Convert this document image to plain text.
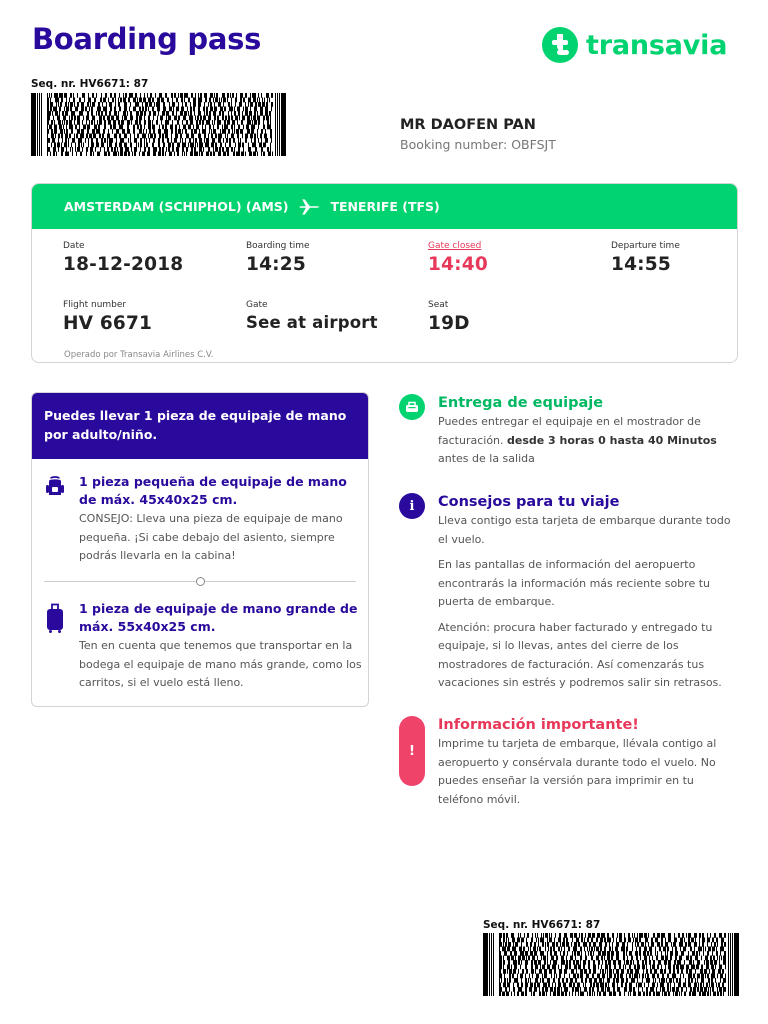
Boarding pass	transavia
Seq. nr. HV6671: 87
MR DAOFEN PAN
Booking number: OBFSJT
AMSTERDAM (SCHIPHOL) (AMS)	TENERIFE (TFS)
Date
18-12-2018
Boarding time
14:25
Gate closed
14:40
Departure time
14:55
Flight number
HV 6671
Gate
See at airport
Seat
19D
Operado por Transavia Airlines C.V.
Puedes llevar 1 pieza de equipaje de mano por adulto/niño.
1 pieza pequeña de equipaje de mano de máx. 45x40x25 cm.
CONSEJO: Lleva una pieza de equipaje de mano pequeña. ¡Si cabe debajo del asiento, siempre podrás llevarla en la cabina!
1 pieza de equipaje de mano grande de máx. 55x40x25 cm.
Ten en cuenta que tenemos que transportar en la bodega el equipaje de mano más grande, como los carritos, si el vuelo está lleno.
Entrega de equipaje
Puedes entregar el equipaje en el mostrador de facturación. desde 3 horas 0 hasta 40 Minutos antes de la salida
i	Consejos para tu viaje
Lleva contigo esta tarjeta de embarque durante todo el vuelo.
En las pantallas de información del aeropuerto encontrarás la información más reciente sobre tu puerta de embarque.
Atención: procura haber facturado y entregado tu equipaje, si lo llevas, antes del cierre de los mostradores de facturación. Así comenzarás tus vacaciones sin estrés y podremos salir sin retrasos.
!
Información importante!
Imprime tu tarjeta de embarque, llévala contigo al aeropuerto y consérvala durante todo el vuelo. No puedes enseñar la versión para imprimir en tu teléfono móvil.
Seq. nr. HV6671: 87
